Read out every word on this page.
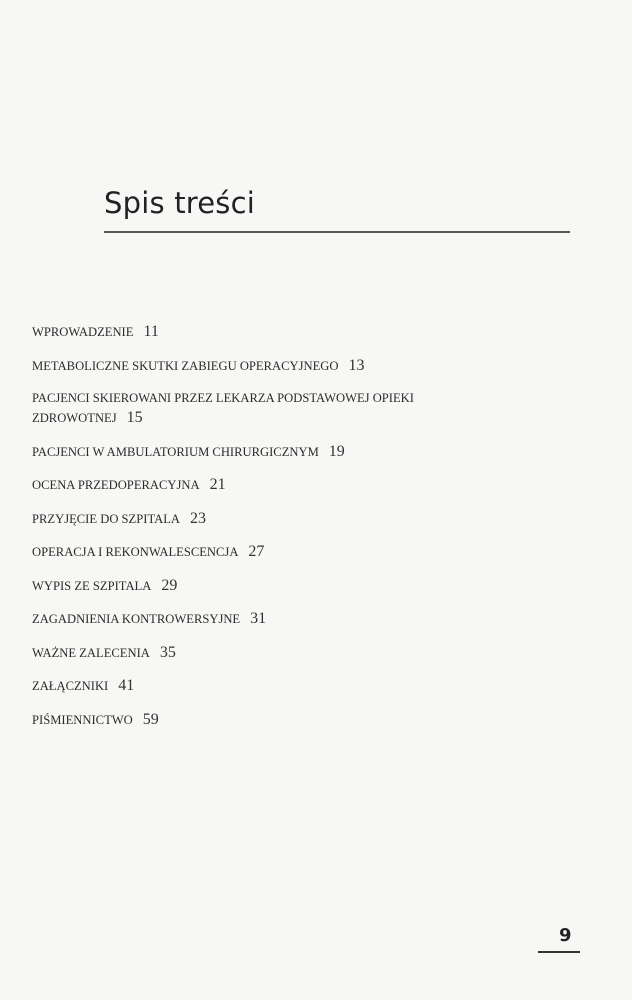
Spis treści
WPROWADZENIE 11
METABOLICZNE SKUTKI ZABIEGU OPERACYJNEGO 13
PACJENCI SKIEROWANI PRZEZ LEKARZA PODSTAWOWEJ OPIEKI ZDROWOTNEJ 15
PACJENCI W AMBULATORIUM CHIRURGICZNYM 19
OCENA PRZEDOPERACYJNA 21
PRZYJĘCIE DO SZPITALA 23
OPERACJA I REKONWALESCENCJA 27
WYPIS ZE SZPITALA 29
ZAGADNIENIA KONTROWERSYJNE 31
WAŻNE ZALECENIA 35
ZAŁĄCZNIKI 41
PIŚMIENNICTWO 59
9
